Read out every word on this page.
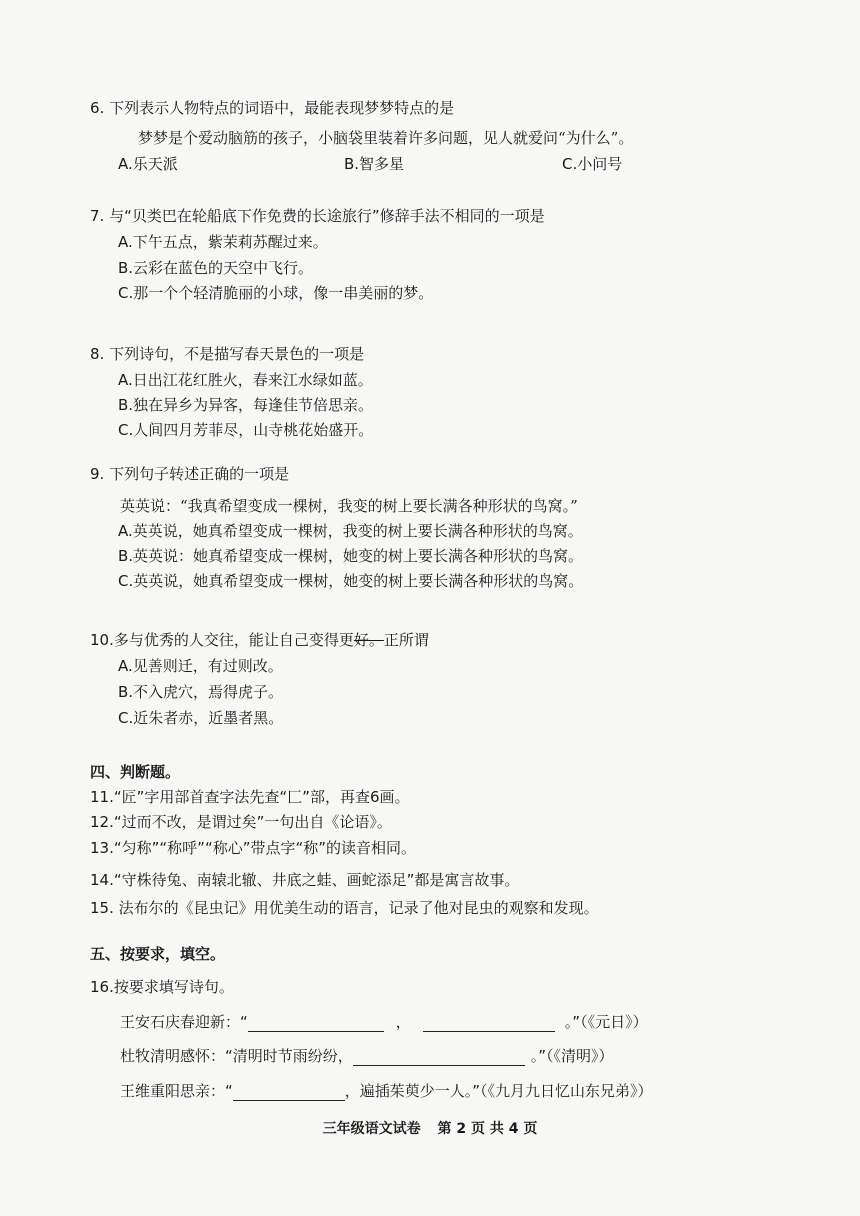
6. 下列表示人物特点的词语中，最能表现梦梦特点的是
梦梦是个爱动脑筋的孩子，小脑袋里装着许多问题，见人就爱问“为什么”。
A.乐天派	B.智多星	C.小问号
7. 与“贝类巴在轮船底下作免费的长途旅行”修辞手法不相同的一项是
A.下午五点，紫茉莉苏醒过来。
B.云彩在蓝色的天空中飞行。
C.那一个个轻清脆丽的小球，像一串美丽的梦。
8. 下列诗句，不是描写春天景色的一项是
A.日出江花红胜火，春来江水绿如蓝。
B.独在异乡为异客，每逢佳节倍思亲。
C.人间四月芳菲尽，山寺桃花始盛开。
9. 下列句子转述正确的一项是
英英说：“我真希望变成一棵树，我变的树上要长满各种形状的鸟窝。”
A.英英说，她真希望变成一棵树，我变的树上要长满各种形状的鸟窝。
B.英英说：她真希望变成一棵树，她变的树上要长满各种形状的鸟窝。
C.英英说，她真希望变成一棵树，她变的树上要长满各种形状的鸟窝。
10.多与优秀的人交往，能让自己变得更好。正所谓
A.见善则迁，有过则改。
B.不入虎穴，焉得虎子。
C.近朱者赤，近墨者黑。
四、判断题。
11.“匠”字用部首查字法先查“匚”部，再查6画。
12.“过而不改，是谓过矣”一句出自《论语》。
13.“匀称”“称呼”“称心”带点字“称”的读音相同。
14.“守株待兔、南辕北辙、井底之蛙、画蛇添足”都是寓言故事。
15. 法布尔的《昆虫记》用优美生动的语言，记录了他对昆虫的观察和发现。
五、按要求，填空。
16.按要求填写诗句。
王安石庆春迎新：“	，	。”（《元日》）
杜牧清明感怀：“清明时节雨纷纷，	。”（《清明》）
王维重阳思亲：“	，遍插茱萸少一人。”（《九月九日忆山东兄弟》）
三年级语文试卷 第 2 页 共 4 页
